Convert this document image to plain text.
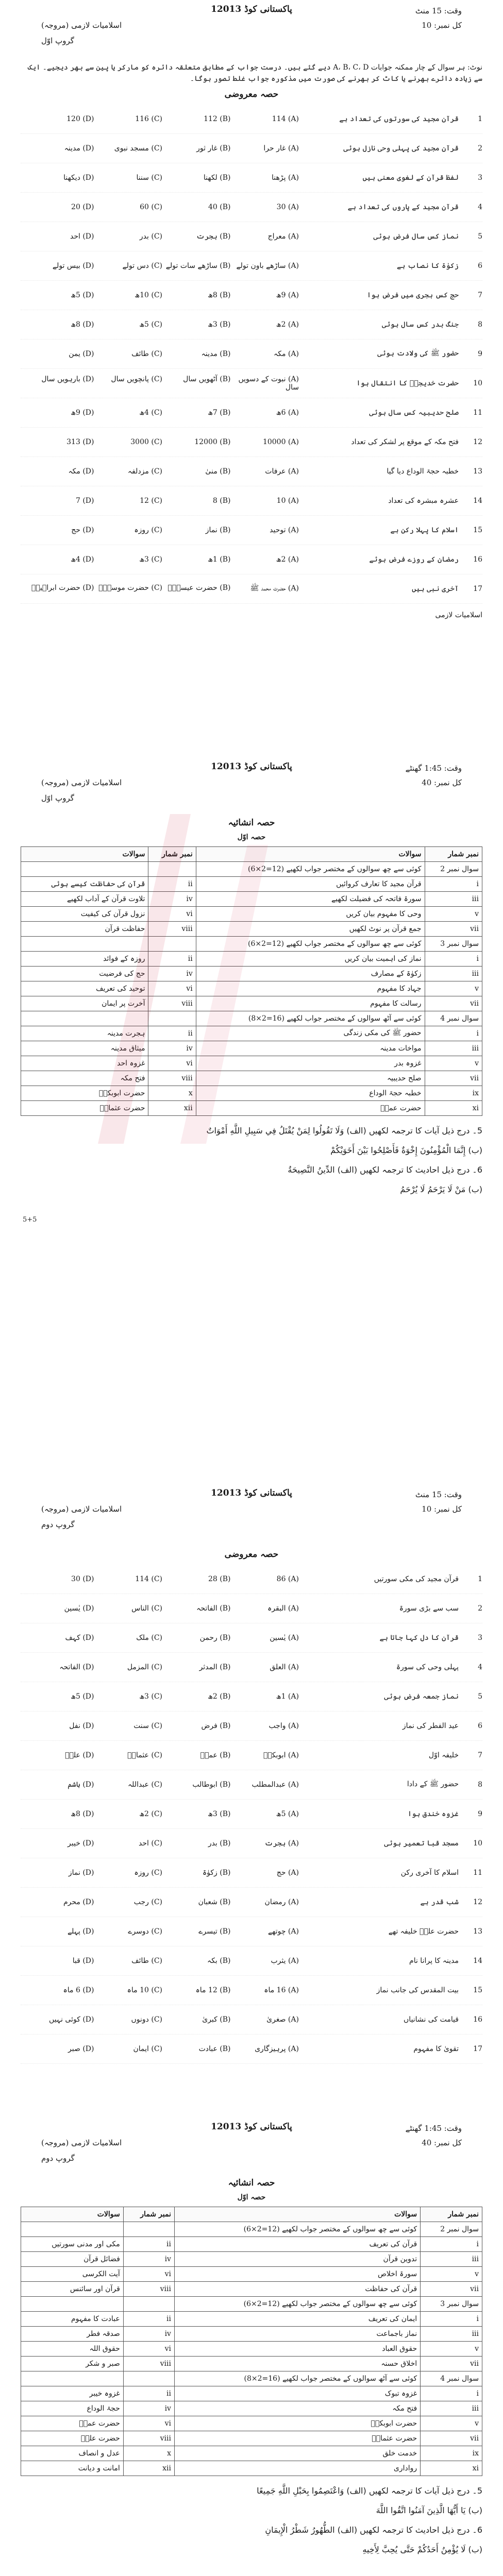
پاکستانی کوڈ 12013
اسلامیات لازمی (مروجہ)
گروپ اوّل
وقت: 15 منٹ
کل نمبر: 10
نوٹ: ہر سوال کے چار ممکنہ جوابات A، B، C، D دیے گئے ہیں۔ درست جواب کے مطابق متعلقہ دائرہ کو مارکر یا پین سے بھر دیجیے۔ ایک سے زیادہ دائرے بھرنے یا کاٹ کر بھرنے کی صورت میں مذکورہ جواب غلط تصور ہوگا۔
حصہ معروضی
1
قرآن مجید کی سورتوں کی تعداد ہے
(A) 114
(B) 112
(C) 116
(D) 120
2
قرآن مجید کی پہلی وحی نازل ہوئی
(A) غار حرا
(B) غار ثور
(C) مسجد نبوی
(D) مدینہ
3
لفظ قرآن کے لغوی معنی ہیں
(A) پڑھنا
(B) لکھنا
(C) سننا
(D) دیکھنا
4
قرآن مجید کے پاروں کی تعداد ہے
(A) 30
(B) 40
(C) 60
(D) 20
5
نماز کس سال فرض ہوئی
(A) معراج
(B) ہجرت
(C) بدر
(D) احد
6
زکوٰۃ کا نصاب ہے
(A) ساڑھے باون تولے
(B) ساڑھے سات تولے
(C) دس تولے
(D) بیس تولے
7
حج کس ہجری میں فرض ہوا
(A) 9ھ
(B) 8ھ
(C) 10ھ
(D) 5ھ
8
جنگ بدر کس سال ہوئی
(A) 2ھ
(B) 3ھ
(C) 5ھ
(D) 8ھ
9
حضور ﷺ کی ولادت ہوئی
(A) مکہ
(B) مدینہ
(C) طائف
(D) یمن
10
حضرت خدیجہؓ کا انتقال ہوا
(A) نبوت کے دسویں سال
(B) آٹھویں سال
(C) پانچویں سال
(D) بارہویں سال
11
صلح حدیبیہ کس سال ہوئی
(A) 6ھ
(B) 7ھ
(C) 4ھ
(D) 9ھ
12
فتح مکہ کے موقع پر لشکر کی تعداد
(A) 10000
(B) 12000
(C) 3000
(D) 313
13
خطبہ حجۃ الوداع دیا گیا
(A) عرفات
(B) منیٰ
(C) مزدلفہ
(D) مکہ
14
عشرہ مبشرہ کی تعداد
(A) 10
(B) 8
(C) 12
(D) 7
15
اسلام کا پہلا رکن ہے
(A) توحید
(B) نماز
(C) روزہ
(D) حج
16
رمضان کے روزے فرض ہوئے
(A) 2ھ
(B) 1ھ
(C) 3ھ
(D) 4ھ
17
آخری نبی ہیں
(A) حضرت محمد ﷺ
(B) حضرت عیسیٰؑ
(C) حضرت موسیٰؑ
(D) حضرت ابراہیمؑ
اسلامیات لازمی
پاکستانی کوڈ 12013
اسلامیات لازمی (مروجہ)
گروپ اوّل
وقت: 1:45 گھنٹے
کل نمبر: 40
حصہ انشائیہ
حصہ اوّل
نمبر شمار	سوالات	نمبر شمار	سوالات
سوال نمبر 2	کوئی سے چھ سوالوں کے مختصر جواب لکھیے (12=2×6)		
i	قرآن مجید کا تعارف کروائیں	ii	قرآن کی حفاظت کیسے ہوئی
iii	سورۃ فاتحہ کی فضیلت لکھیے	iv	تلاوت قرآن کے آداب لکھیے
v	وحی کا مفہوم بیان کریں	vi	نزول قرآن کی کیفیت
vii	جمع قرآن پر نوٹ لکھیں	viii	حفاظت قرآن
سوال نمبر 3	کوئی سے چھ سوالوں کے مختصر جواب لکھیے (12=2×6)		
i	نماز کی اہمیت بیان کریں	ii	روزہ کے فوائد
iii	زکوٰۃ کے مصارف	iv	حج کی فرضیت
v	جہاد کا مفہوم	vi	توحید کی تعریف
vii	رسالت کا مفہوم	viii	آخرت پر ایمان
سوال نمبر 4	کوئی سے آٹھ سوالوں کے مختصر جواب لکھیے (16=2×8)		
i	حضور ﷺ کی مکی زندگی	ii	ہجرت مدینہ
iii	مواخات مدینہ	iv	میثاق مدینہ
v	غزوہ بدر	vi	غزوہ احد
vii	صلح حدیبیہ	viii	فتح مکہ
ix	خطبہ حجۃ الوداع	x	حضرت ابوبکرؓ
xi	حضرت عمرؓ	xii	حضرت عثمانؓ
5۔ درج ذیل آیات کا ترجمہ لکھیں (الف) وَلَا تَقُولُوا لِمَنْ يُقْتَلُ فِي سَبِيلِ اللَّهِ أَمْوَاتٌ
(ب) إِنَّمَا الْمُؤْمِنُونَ إِخْوَةٌ فَأَصْلِحُوا بَيْنَ أَخَوَيْكُمْ
6۔ درج ذیل احادیث کا ترجمہ لکھیں (الف) الدِّينُ النَّصِيحَةُ
(ب) مَنْ لَا يَرْحَمُ لَا يُرْحَمُ
5+5
پاکستانی کوڈ 12013
اسلامیات لازمی (مروجہ)
گروپ دوم
وقت: 15 منٹ
کل نمبر: 10
حصہ معروضی
1
قرآن مجید کی مکی سورتیں
(A) 86
(B) 28
(C) 114
(D) 30
2
سب سے بڑی سورۃ
(A) البقرہ
(B) الفاتحہ
(C) الناس
(D) یٰسین
3
قرآن کا دل کہا جاتا ہے
(A) یٰسین
(B) رحمن
(C) ملک
(D) کہف
4
پہلی وحی کی سورۃ
(A) العلق
(B) المدثر
(C) المزمل
(D) الفاتحہ
5
نماز جمعہ فرض ہوئی
(A) 1ھ
(B) 2ھ
(C) 3ھ
(D) 5ھ
6
عید الفطر کی نماز
(A) واجب
(B) فرض
(C) سنت
(D) نفل
7
خلیفہ اوّل
(A) ابوبکرؓ
(B) عمرؓ
(C) عثمانؓ
(D) علیؓ
8
حضور ﷺ کے دادا
(A) عبدالمطلب
(B) ابوطالب
(C) عبداللہ
(D) ہاشم
9
غزوہ خندق ہوا
(A) 5ھ
(B) 3ھ
(C) 2ھ
(D) 8ھ
10
مسجد قبا تعمیر ہوئی
(A) ہجرت
(B) بدر
(C) احد
(D) خیبر
11
اسلام کا آخری رکن
(A) حج
(B) زکوٰۃ
(C) روزہ
(D) نماز
12
شب قدر ہے
(A) رمضان
(B) شعبان
(C) رجب
(D) محرم
13
حضرت علیؓ خلیفہ تھے
(A) چوتھے
(B) تیسرے
(C) دوسرے
(D) پہلے
14
مدینہ کا پرانا نام
(A) یثرب
(B) بکہ
(C) طائف
(D) قبا
15
بیت المقدس کی جانب نماز
(A) 16 ماہ
(B) 12 ماہ
(C) 10 ماہ
(D) 6 ماہ
16
قیامت کی نشانیاں
(A) صغریٰ
(B) کبریٰ
(C) دونوں
(D) کوئی نہیں
17
تقویٰ کا مفہوم
(A) پرہیزگاری
(B) عبادت
(C) ایمان
(D) صبر
پاکستانی کوڈ 12013
اسلامیات لازمی (مروجہ)
گروپ دوم
وقت: 1:45 گھنٹے
کل نمبر: 40
حصہ انشائیہ
حصہ اوّل
نمبر شمار	سوالات	نمبر شمار	سوالات
سوال نمبر 2	کوئی سے چھ سوالوں کے مختصر جواب لکھیے (12=2×6)		
i	قرآن کی تعریف	ii	مکی اور مدنی سورتیں
iii	تدوین قرآن	iv	فضائل قرآن
v	سورۃ اخلاص	vi	آیت الکرسی
vii	قرآن کی حفاظت	viii	قرآن اور سائنس
سوال نمبر 3	کوئی سے چھ سوالوں کے مختصر جواب لکھیے (12=2×6)		
i	ایمان کی تعریف	ii	عبادت کا مفہوم
iii	نماز باجماعت	iv	صدقہ فطر
v	حقوق العباد	vi	حقوق اللہ
vii	اخلاق حسنہ	viii	صبر و شکر
سوال نمبر 4	کوئی سے آٹھ سوالوں کے مختصر جواب لکھیے (16=2×8)		
i	غزوہ تبوک	ii	غزوہ خیبر
iii	فتح مکہ	iv	حجۃ الوداع
v	حضرت ابوبکرؓ	vi	حضرت عمرؓ
vii	حضرت عثمانؓ	viii	حضرت علیؓ
ix	خدمت خلق	x	عدل و انصاف
xi	رواداری	xii	امانت و دیانت
5۔ درج ذیل آیات کا ترجمہ لکھیں (الف) وَاعْتَصِمُوا بِحَبْلِ اللَّهِ جَمِيعًا
(ب) يَا أَيُّهَا الَّذِينَ آمَنُوا اتَّقُوا اللَّهَ
6۔ درج ذیل احادیث کا ترجمہ لکھیں (الف) الطُّهُورُ شَطْرُ الْإِيمَانِ
(ب) لَا يُؤْمِنُ أَحَدُكُمْ حَتَّى يُحِبَّ لِأَخِيهِ
